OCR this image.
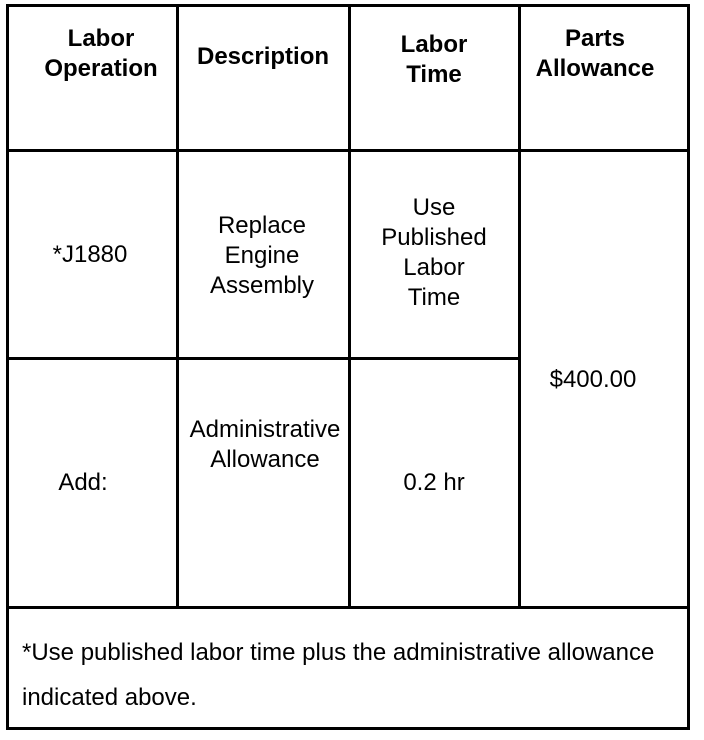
Labor
Operation	Description	Labor
Time
Parts
Allowance
*J1880
Replace
Engine
Assembly
Use
Published
Labor
Time
Add:
Administrative
Allowance
0.2 hr
$400.00
*Use published labor time plus the administrative allowance indicated above.
